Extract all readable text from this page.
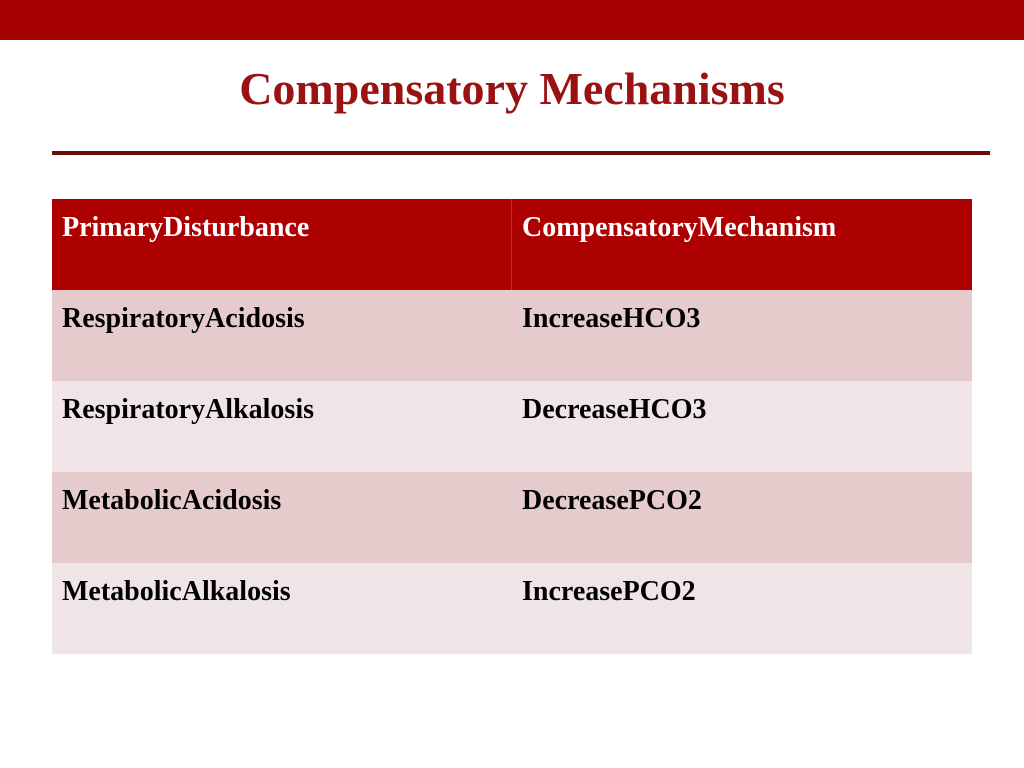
Compensatory Mechanisms
PrimaryDisturbance	CompensatoryMechanism
RespiratoryAcidosis	IncreaseHCO3
RespiratoryAlkalosis	DecreaseHCO3
MetabolicAcidosis	DecreasePCO2
MetabolicAlkalosis	IncreasePCO2
